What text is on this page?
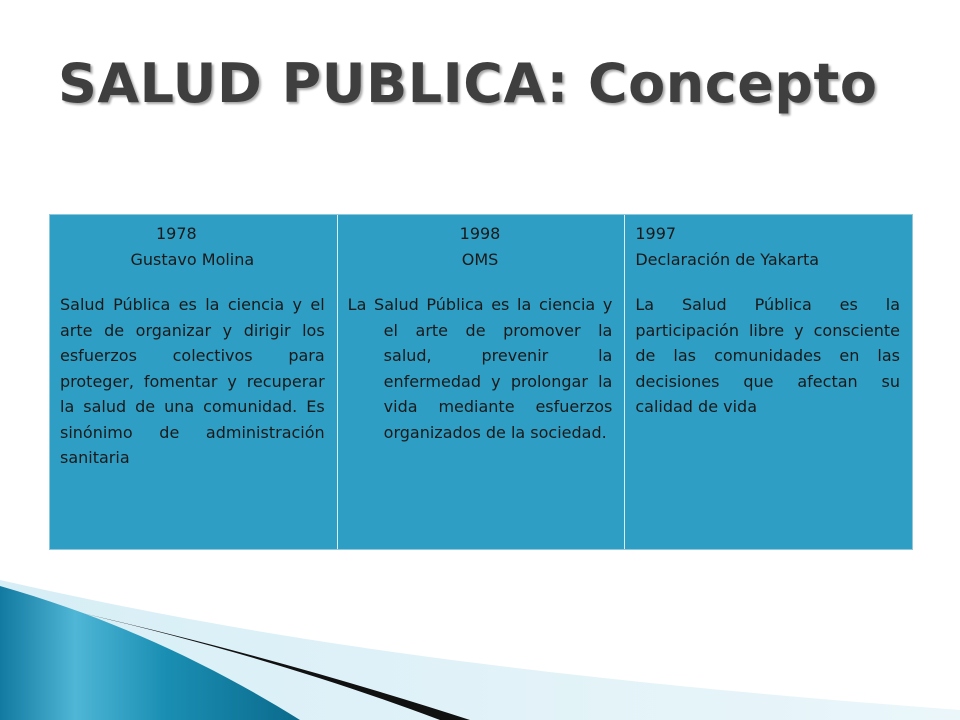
SALUD PUBLICA: Concepto

1978

Gustavo Molina

Salud Pública es la ciencia y el arte de organizar y dirigir los esfuerzos colectivos para proteger, fomentar y recuperar la salud de una comunidad. Es sinónimo de administración sanitaria

1998

OMS

La Salud Pública es la ciencia y el arte de promover la salud, prevenir la enfermedad y prolongar la vida mediante esfuerzos organizados de la sociedad.

1997

Declaración de Yakarta

La Salud Pública es la participación libre y consciente de las comunidades en las decisiones que afectan su calidad de vida
